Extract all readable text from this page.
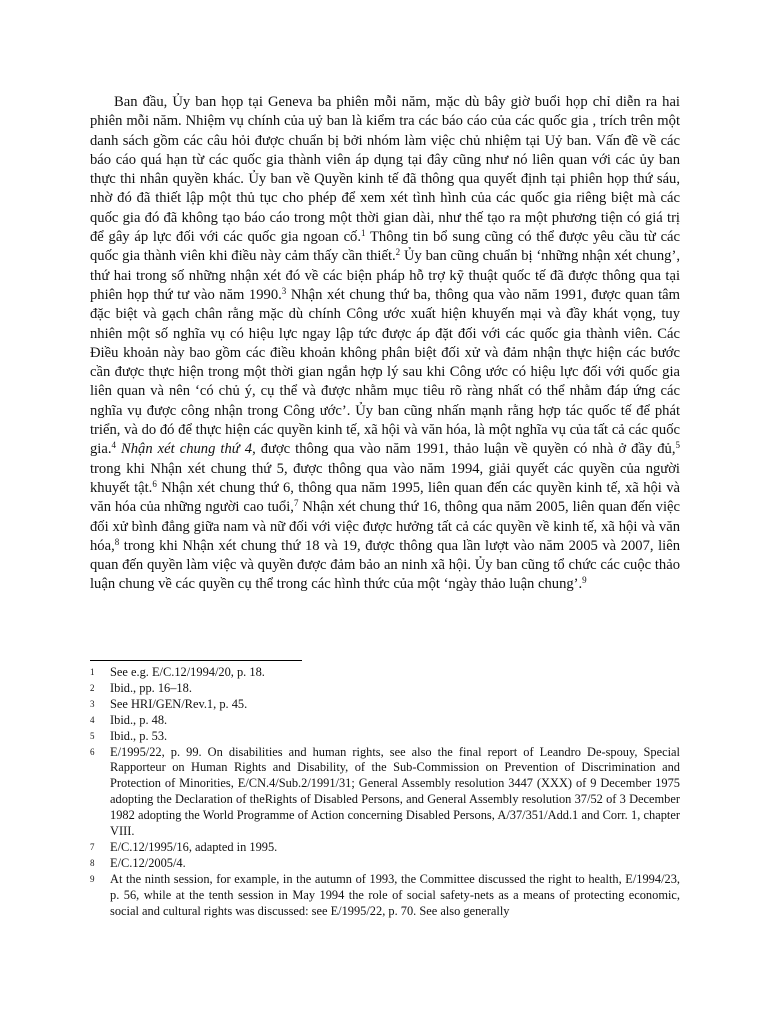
Ban đầu, Ủy ban họp tại Geneva ba phiên mỗi năm, mặc dù bây giờ buổi họp chỉ diễn ra hai phiên mỗi năm. Nhiệm vụ chính của uỷ ban là kiểm tra các báo cáo của các quốc gia , trích trên một danh sách gồm các câu hỏi được chuẩn bị bởi nhóm làm việc chủ nhiệm tại Uỷ ban. Vấn đề về các báo cáo quá hạn từ các quốc gia thành viên áp dụng tại đây cũng như nó liên quan với các ủy ban thực thi nhân quyền khác. Ủy ban về Quyền kinh tế đã thông qua quyết định tại phiên họp thứ sáu, nhờ đó đã thiết lập một thủ tục cho phép để xem xét tình hình của các quốc gia riêng biệt mà các quốc gia đó đã không tạo báo cáo trong một thời gian dài, như thế tạo ra một phương tiện có giá trị để gây áp lực đối với các quốc gia ngoan cố.$^1$ Thông tin bổ sung cũng có thể được yêu cầu từ các quốc gia thành viên khi điều này cảm thấy cần thiết.$^2$ Ủy ban cũng chuẩn bị ‘những nhận xét chung’, thứ hai trong số những nhận xét đó về các biện pháp hỗ trợ kỹ thuật quốc tế đã được thông qua tại phiên họp thứ tư vào năm 1990.$^3$ Nhận xét chung thứ ba, thông qua vào năm 1991, được quan tâm đặc biệt và gạch chân rằng mặc dù chính Công ước xuất hiện khuyến mại và đầy khát vọng, tuy nhiên một số nghĩa vụ có hiệu lực ngay lập tức được áp đặt đối với các quốc gia thành viên. Các Điều khoản này bao gồm các điều khoản không phân biệt đối xử và đảm nhận thực hiện các bước cần được thực hiện trong một thời gian ngắn hợp lý sau khi Công ước có hiệu lực đối với quốc gia liên quan và nên ‘có chủ ý, cụ thể và được nhằm mục tiêu rõ ràng nhất có thể nhằm đáp ứng các nghĩa vụ được công nhận trong Công ước’. Ủy ban cũng nhấn mạnh rằng hợp tác quốc tế để phát triển, và do đó để thực hiện các quyền kinh tế, xã hội và văn hóa, là một nghĩa vụ của tất cả các quốc gia.$^4$ Nhận xét chung thứ 4, được thông qua vào năm 1991, thảo luận về quyền có nhà ở đầy đủ,$^5$ trong khi Nhận xét chung thứ 5, được thông qua vào năm 1994, giải quyết các quyền của người khuyết tật.$^6$ Nhận xét chung thứ 6, thông qua năm 1995, liên quan đến các quyền kinh tế, xã hội và văn hóa của những người cao tuổi,$^7$ Nhận xét chung thứ 16, thông qua năm 2005, liên quan đến việc đối xử bình đẳng giữa nam và nữ đối với việc được hưởng tất cả các quyền về kinh tế, xã hội và văn hóa,$^8$ trong khi Nhận xét chung thứ 18 và 19, được thông qua lần lượt vào năm 2005 và 2007, liên quan đến quyền làm việc và quyền được đảm bảo an ninh xã hội. Ủy ban cũng tổ chức các cuộc thảo luận chung về các quyền cụ thể trong các hình thức của một ‘ngày thảo luận chung’.$^9$

1	See e.g. E/C.12/1994/20, p. 18.
2	Ibid., pp. 16–18.
3	See HRI/GEN/Rev.1, p. 45.
4	Ibid., p. 48.
5	Ibid., p. 53.
6	E/1995/22, p. 99. On disabilities and human rights, see also the final report of Leandro De-spouy, Special Rapporteur on Human Rights and Disability, of the Sub-Commission on Prevention of Discrimination and Protection of Minorities, E/CN.4/Sub.2/1991/31; General Assembly resolution 3447 (XXX) of 9 December 1975 adopting the Declaration of theRights of Disabled Persons, and General Assembly resolution 37/52 of 3 December 1982 adopting the World Programme of Action concerning Disabled Persons, A/37/351/Add.1 and Corr. 1, chapter VIII.
7	E/C.12/1995/16, adapted in 1995.
8	E/C.12/2005/4.
9	At the ninth session, for example, in the autumn of 1993, the Committee discussed the right to health, E/1994/23, p. 56, while at the tenth session in May 1994 the role of social safety-nets as a means of protecting economic, social and cultural rights was discussed: see E/1995/22, p. 70. See also generally
